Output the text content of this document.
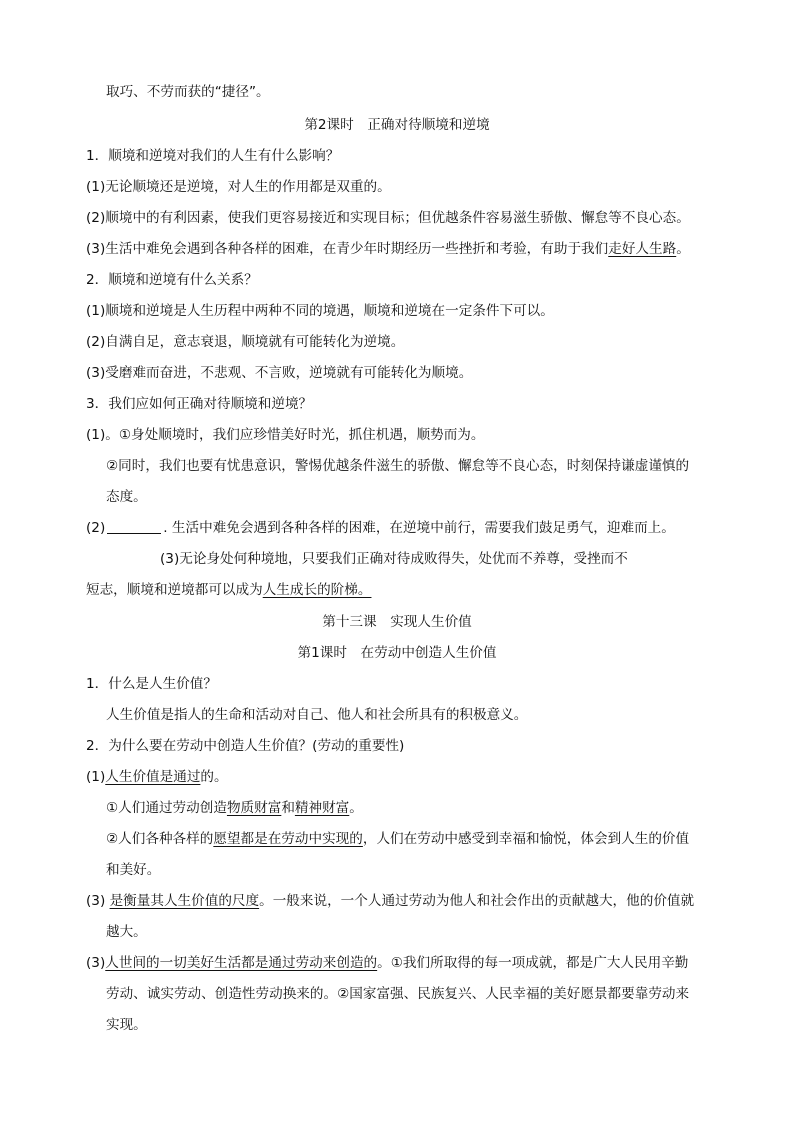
取巧、不劳而获的“捷径”。
第2课时　正确对待顺境和逆境
1．顺境和逆境对我们的人生有什么影响？
(1)无论顺境还是逆境，对人生的作用都是双重的。
(2)顺境中的有利因素，使我们更容易接近和实现目标；但优越条件容易滋生骄傲、懈怠等不良心态。
(3)生活中难免会遇到各种各样的困难，在青少年时期经历一些挫折和考验，有助于我们走好人生路。
2．顺境和逆境有什么关系？
(1)顺境和逆境是人生历程中两种不同的境遇，顺境和逆境在一定条件下可以。
(2)自满自足，意志衰退，顺境就有可能转化为逆境。
(3)受磨难而奋进，不悲观、不言败，逆境就有可能转化为顺境。
3．我们应如何正确对待顺境和逆境？
(1)。①身处顺境时，我们应珍惜美好时光，抓住机遇，顺势而为。
②同时，我们也要有忧患意识，警惕优越条件滋生的骄傲、懈怠等不良心态，时刻保持谦虚谨慎的
态度。
(2)	. 生活中难免会遇到各种各样的困难，在逆境中前行，需要我们鼓足勇气，迎难而上。
(3)无论身处何种境地，只要我们正确对待成败得失，处优而不养尊，受挫而不
短志，顺境和逆境都可以成为人生成长的阶梯。
第十三课　实现人生价值
第1课时　在劳动中创造人生价值
1．什么是人生价值？
人生价值是指人的生命和活动对自己、他人和社会所具有的积极意义。
2．为什么要在劳动中创造人生价值？(劳动的重要性)
(1)人生价值是通过的。
①人们通过劳动创造物质财富和精神财富。
②人们各种各样的愿望都是在劳动中实现的，人们在劳动中感受到幸福和愉悦，体会到人生的价值
和美好。
(3) 是衡量其人生价值的尺度。一般来说，一个人通过劳动为他人和社会作出的贡献越大，他的价值就
越大。
(3)人世间的一切美好生活都是通过劳动来创造的。①我们所取得的每一项成就，都是广大人民用辛勤
劳动、诚实劳动、创造性劳动换来的。②国家富强、民族复兴、人民幸福的美好愿景都要靠劳动来
实现。
